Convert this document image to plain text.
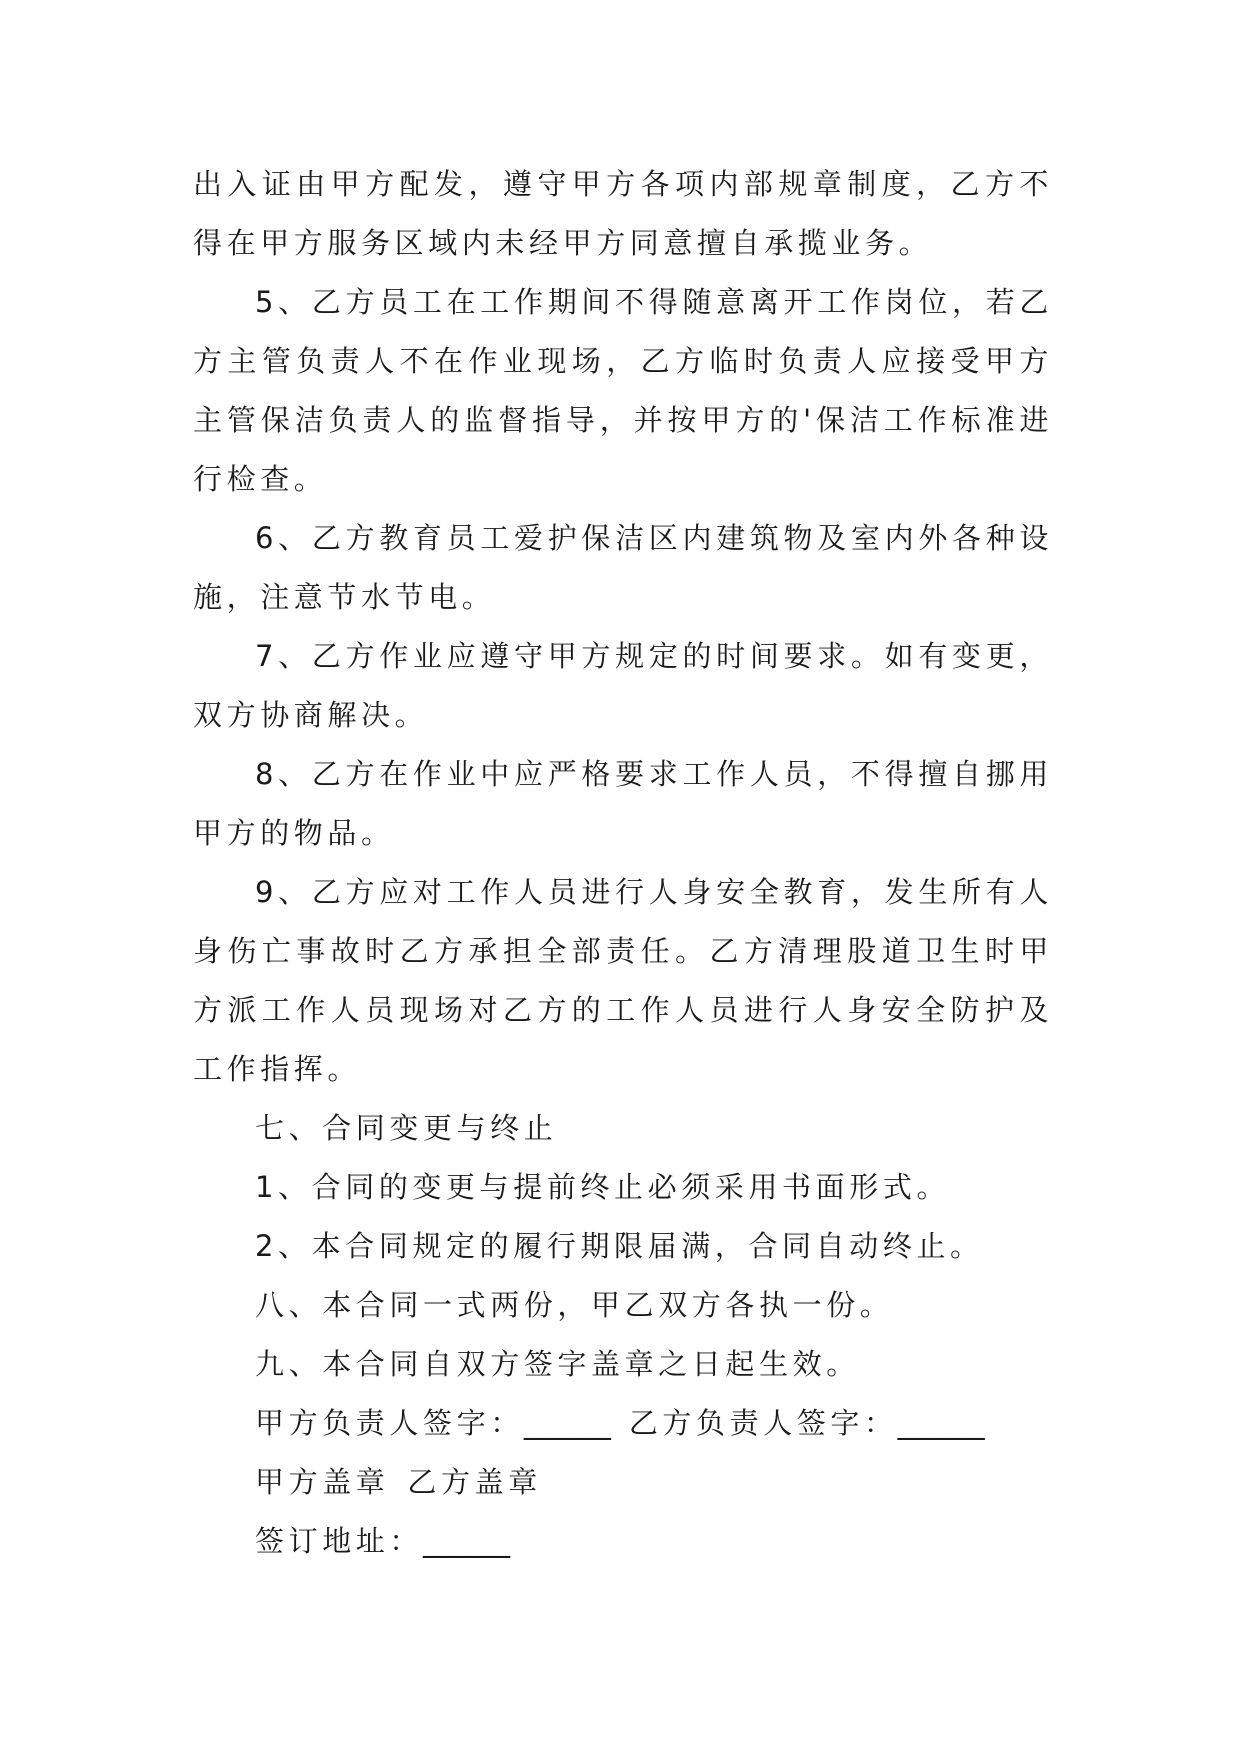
出入证由甲方配发，遵守甲方各项内部规章制度，乙方不得在甲方服务区域内未经甲方同意擅自承揽业务。

5、乙方员工在工作期间不得随意离开工作岗位，若乙方主管负责人不在作业现场，乙方临时负责人应接受甲方主管保洁负责人的监督指导，并按甲方的'保洁工作标准进行检查。

6、乙方教育员工爱护保洁区内建筑物及室内外各种设施，注意节水节电。

7、乙方作业应遵守甲方规定的时间要求。如有变更，双方协商解决。

8、乙方在作业中应严格要求工作人员，不得擅自挪用甲方的物品。

9、乙方应对工作人员进行人身安全教育，发生所有人身伤亡事故时乙方承担全部责任。乙方清理股道卫生时甲方派工作人员现场对乙方的工作人员进行人身安全防护及工作指挥。

七、合同变更与终止

1、合同的变更与提前终止必须采用书面形式。

2、本合同规定的履行期限届满，合同自动终止。

八、本合同一式两份，甲乙双方各执一份。

九、本合同自双方签字盖章之日起生效。

甲方负责人签字：______ 乙方负责人签字：______

甲方盖章 乙方盖章

签订地址：______
